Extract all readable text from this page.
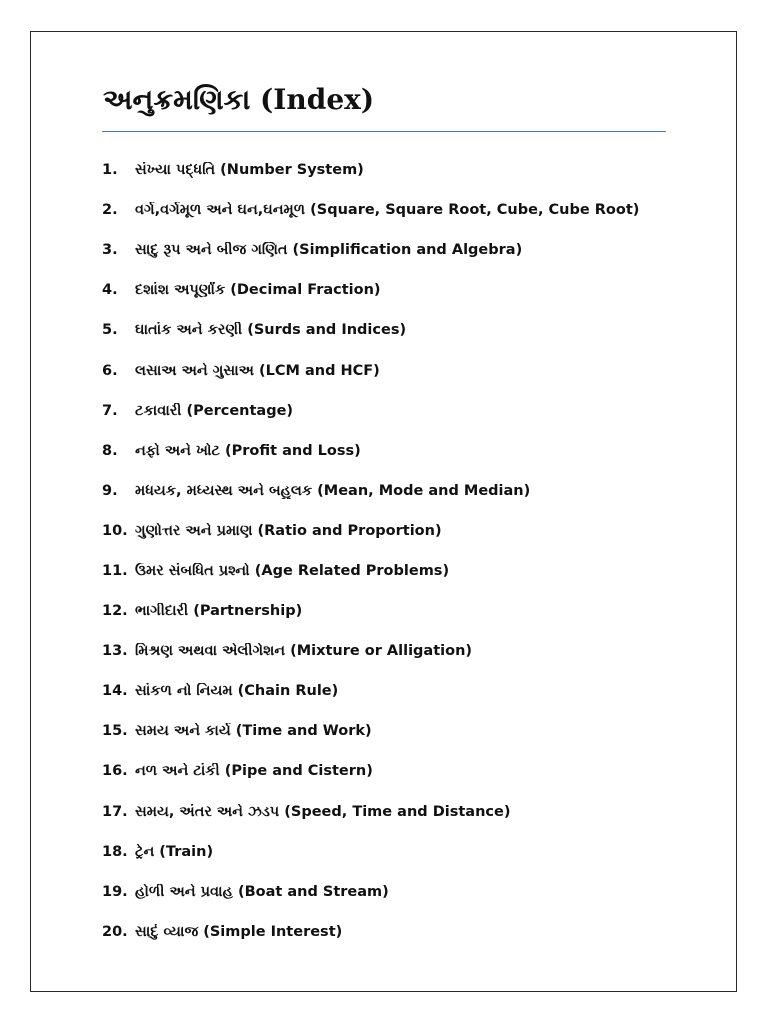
અનુક્રમણિકા (Index)
1.	સંખ્યા પદ્ધતિ (Number System)
2.	વર્ગ,વર્ગમૂળ અને ઘન,ઘનમૂળ (Square, Square Root, Cube, Cube Root)
3.	સાદુ રૂપ અને બીજ ગણિત (Simplification and Algebra)
4.	દશાંશ અપૂર્ણાંક (Decimal Fraction)
5.	ઘાતાંક અને કરણી (Surds and Indices)
6.	લસાઅ અને ગુસાઅ (LCM and HCF)
7.	ટકાવારી (Percentage)
8.	નફો અને ખોટ (Profit and Loss)
9.	મધયક, મધ્યસ્થ અને બહુલક (Mean, Mode and Median)
10. ગુણોત્તર અને પ્રમાણ (Ratio and Proportion)
11. ઉંમર સંબધિત પ્રશ્નો (Age Related Problems)
12. ભાગીદારી (Partnership)
13. મિશ્રણ અથવા એલીગેશન (Mixture or Alligation)
14. સાંકળ નો નિયમ (Chain Rule)
15. સમય અને કાર્ય (Time and Work)
16. નળ અને ટાંકી (Pipe and Cistern)
17. સમય, અંતર અને ઝડપ (Speed, Time and Distance)
18. ટ્રેન (Train)
19. હોળી અને પ્રવાહ (Boat and Stream)
20. સાદું વ્યાજ (Simple Interest)
